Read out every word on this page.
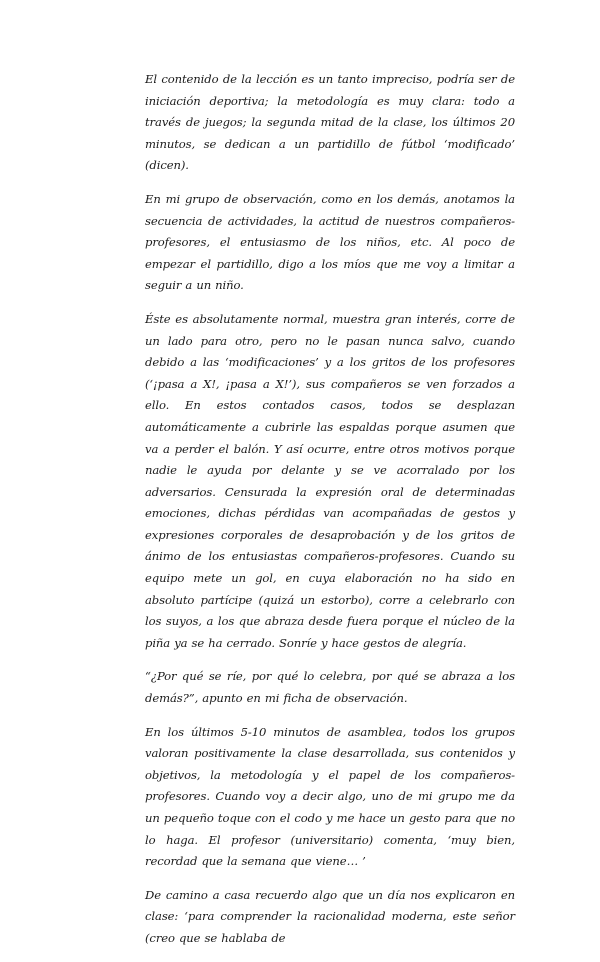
El contenido de la lección es un tanto impreciso, podría ser de iniciación deportiva; la metodología es muy clara: todo a través de juegos; la segunda mitad de la clase, los últimos 20 minutos, se dedican a un partidillo de fútbol ‘modificado’ (dicen).

En mi grupo de observación, como en los demás, anotamos la secuencia de actividades, la actitud de nuestros compañeros-profesores, el entusiasmo de los niños, etc. Al poco de empezar el partidillo, digo a los míos que me voy a limitar a seguir a un niño.

Éste es absolutamente normal, muestra gran interés, corre de un lado para otro, pero no le pasan nunca salvo, cuando debido a las ‘modificaciones’ y a los gritos de los profesores (‘¡pasa a X!, ¡pasa a X!’), sus compañeros se ven forzados a ello. En estos contados casos, todos se desplazan automáticamente a cubrirle las espaldas porque asumen que va a perder el balón. Y así ocurre, entre otros motivos porque nadie le ayuda por delante y se ve acorralado por los adversarios. Censurada la expresión oral de determinadas emociones, dichas pérdidas van acompañadas de gestos y expresiones corporales de desaprobación y de los gritos de ánimo de los entusiastas compañeros-profesores. Cuando su equipo mete un gol, en cuya elaboración no ha sido en absoluto partícipe (quizá un estorbo), corre a celebrarlo con los suyos, a los que abraza desde fuera porque el núcleo de la piña ya se ha cerrado. Sonríe y hace gestos de alegría.

“¿Por qué se ríe, por qué lo celebra, por qué se abraza a los demás?”, apunto en mi ficha de observación.

En los últimos 5-10 minutos de asamblea, todos los grupos valoran positivamente la clase desarrollada, sus contenidos y objetivos, la metodología y el papel de los compañeros-profesores. Cuando voy a decir algo, uno de mi grupo me da un pequeño toque con el codo y me hace un gesto para que no lo haga. El profesor (universitario) comenta, ‘muy bien, recordad que la semana que viene… ’

De camino a casa recuerdo algo que un día nos explicaron en clase: ‘para comprender la racionalidad moderna, este señor (creo que se hablaba de
